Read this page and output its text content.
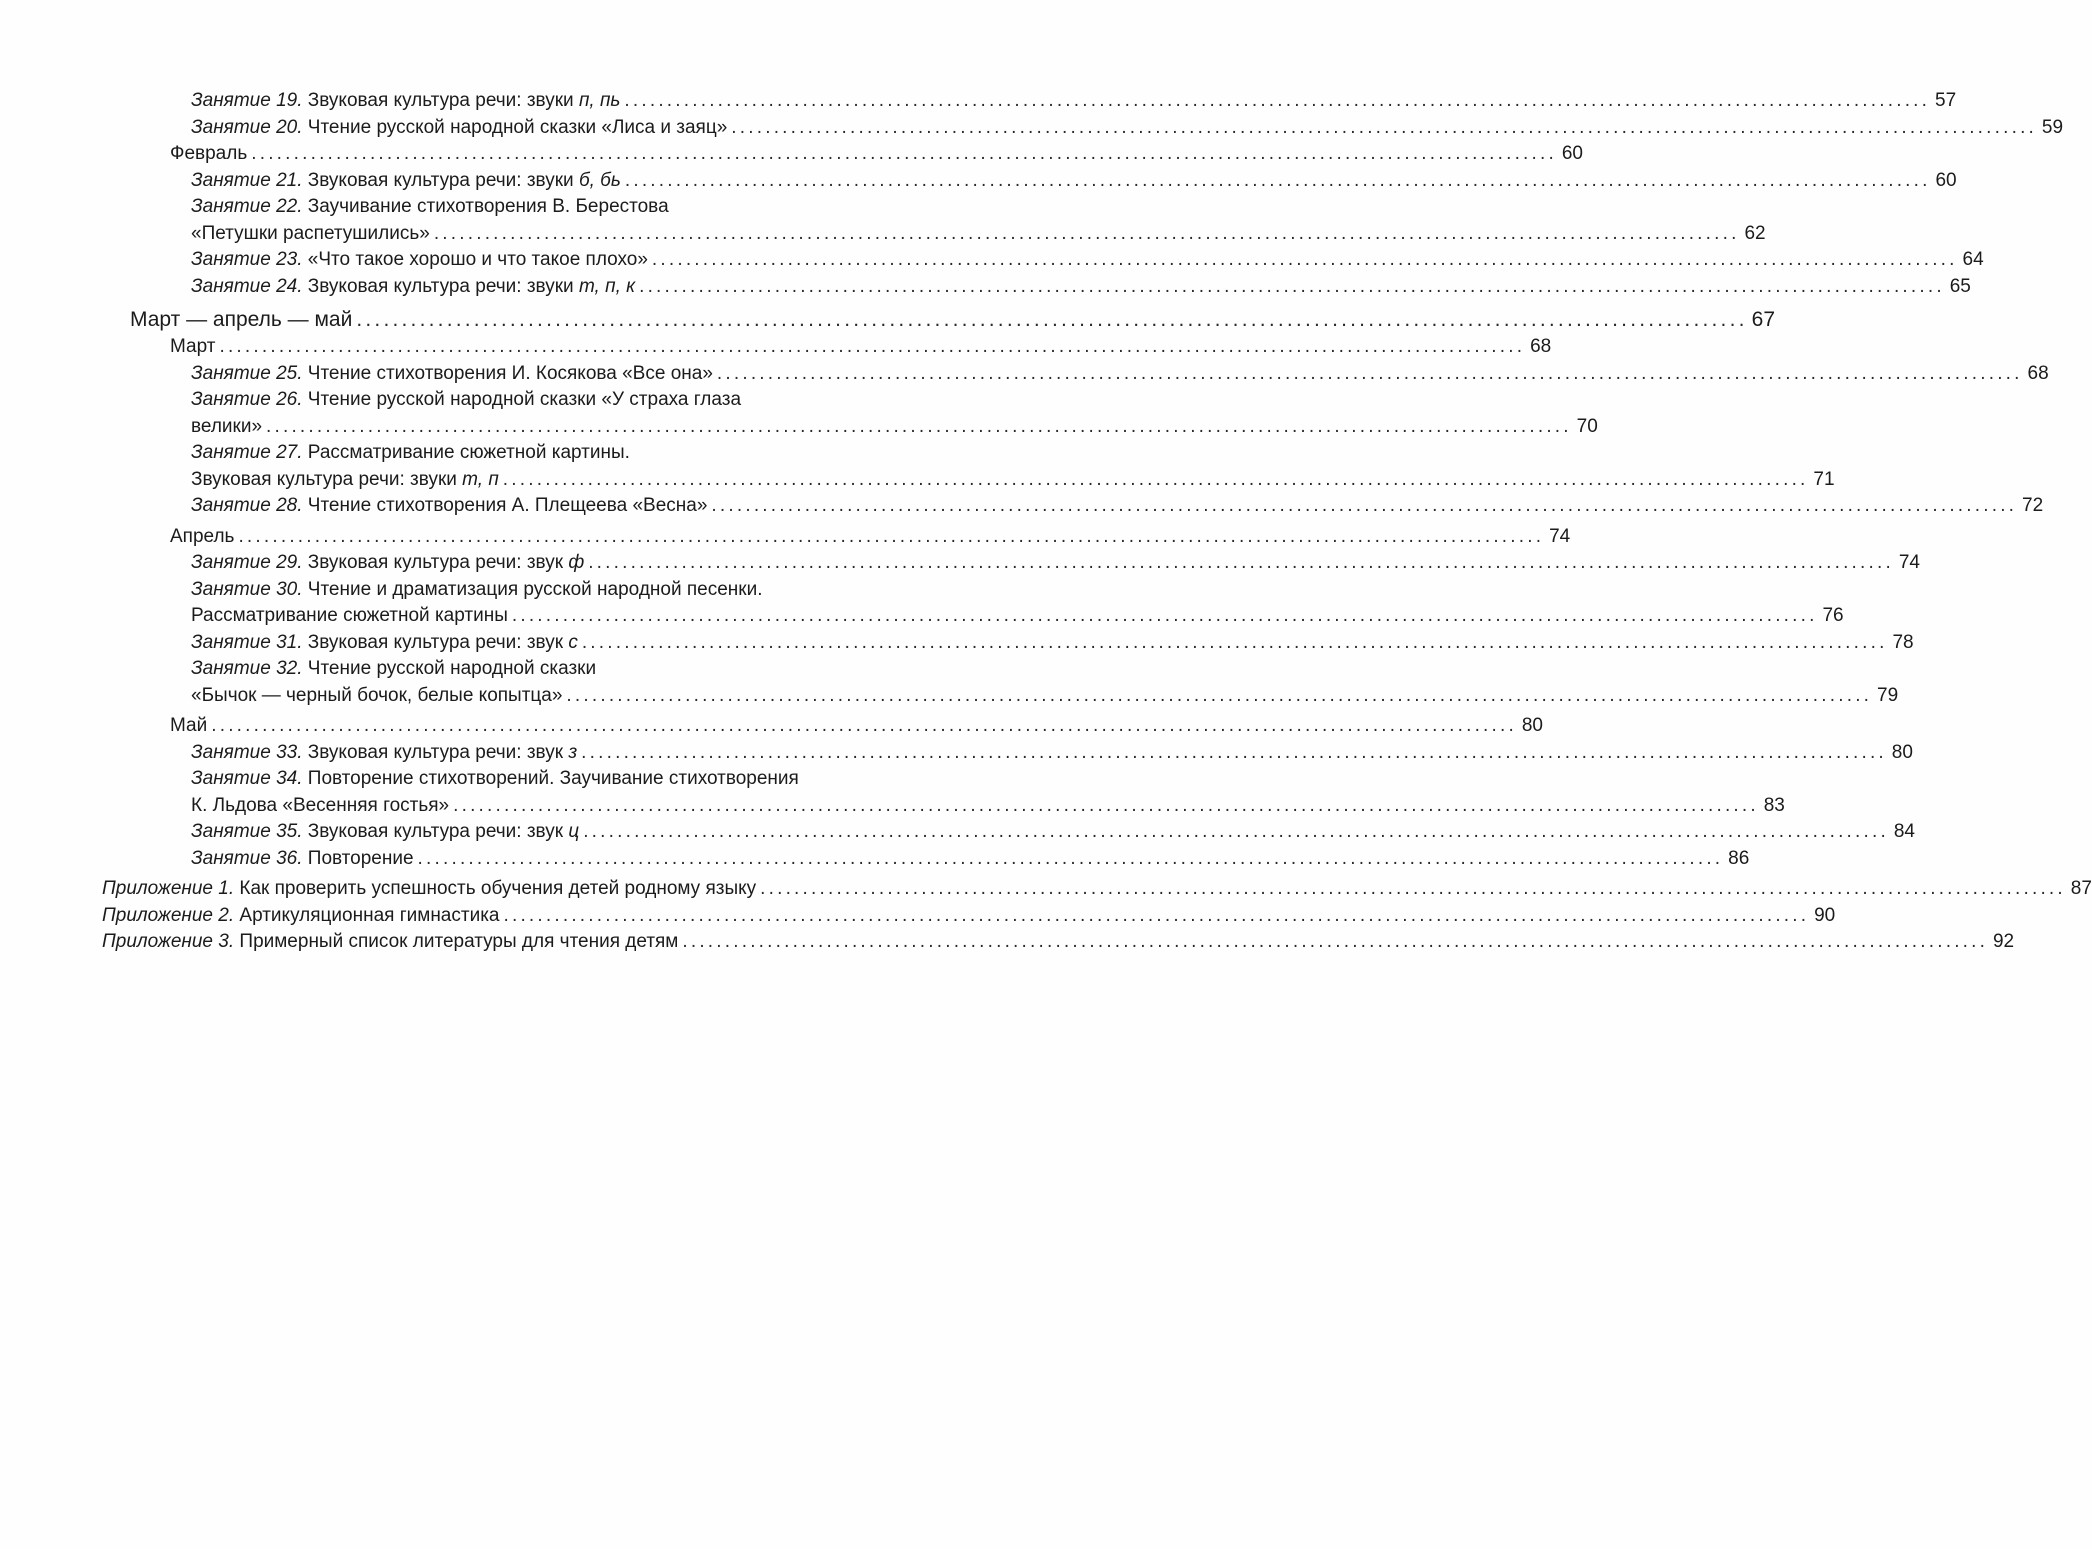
Занятие 19. Звуковая культура речи: звуки п, пь .......................................................................................................................................................... 57
Занятие 20. Чтение русской народной сказки «Лиса и заяц» .......................................................................................................................................................... 59
Февраль .......................................................................................................................................................... 60
Занятие 21. Звуковая культура речи: звуки б, бь .......................................................................................................................................................... 60
Занятие 22. Заучивание стихотворения В. Берестова
«Петушки распетушились» .......................................................................................................................................................... 62
Занятие 23. «Что такое хорошо и что такое плохо» .......................................................................................................................................................... 64
Занятие 24. Звуковая культура речи: звуки т, п, к .......................................................................................................................................................... 65
Март — апрель — май .......................................................................................................................................................... 67
Март .......................................................................................................................................................... 68
Занятие 25. Чтение стихотворения И. Косякова «Все она» .......................................................................................................................................................... 68
Занятие 26. Чтение русской народной сказки «У страха глаза
велики» .......................................................................................................................................................... 70
Занятие 27. Рассматривание сюжетной картины.
Звуковая культура речи: звуки т, п .......................................................................................................................................................... 71
Занятие 28. Чтение стихотворения А. Плещеева «Весна» .......................................................................................................................................................... 72
Апрель .......................................................................................................................................................... 74
Занятие 29. Звуковая культура речи: звук ф .......................................................................................................................................................... 74
Занятие 30. Чтение и драматизация русской народной песенки.
Рассматривание сюжетной картины .......................................................................................................................................................... 76
Занятие 31. Звуковая культура речи: звук с .......................................................................................................................................................... 78
Занятие 32. Чтение русской народной сказки
«Бычок — черный бочок, белые копытца» .......................................................................................................................................................... 79
Май .......................................................................................................................................................... 80
Занятие 33. Звуковая культура речи: звук з .......................................................................................................................................................... 80
Занятие 34. Повторение стихотворений. Заучивание стихотворения
К. Льдова «Весенняя гостья» .......................................................................................................................................................... 83
Занятие 35. Звуковая культура речи: звук ц .......................................................................................................................................................... 84
Занятие 36. Повторение .......................................................................................................................................................... 86
Приложение 1. Как проверить успешность обучения детей родному языку .......................................................................................................................................................... 87
Приложение 2. Артикуляционная гимнастика .......................................................................................................................................................... 90
Приложение 3. Примерный список литературы для чтения детям .......................................................................................................................................................... 92
